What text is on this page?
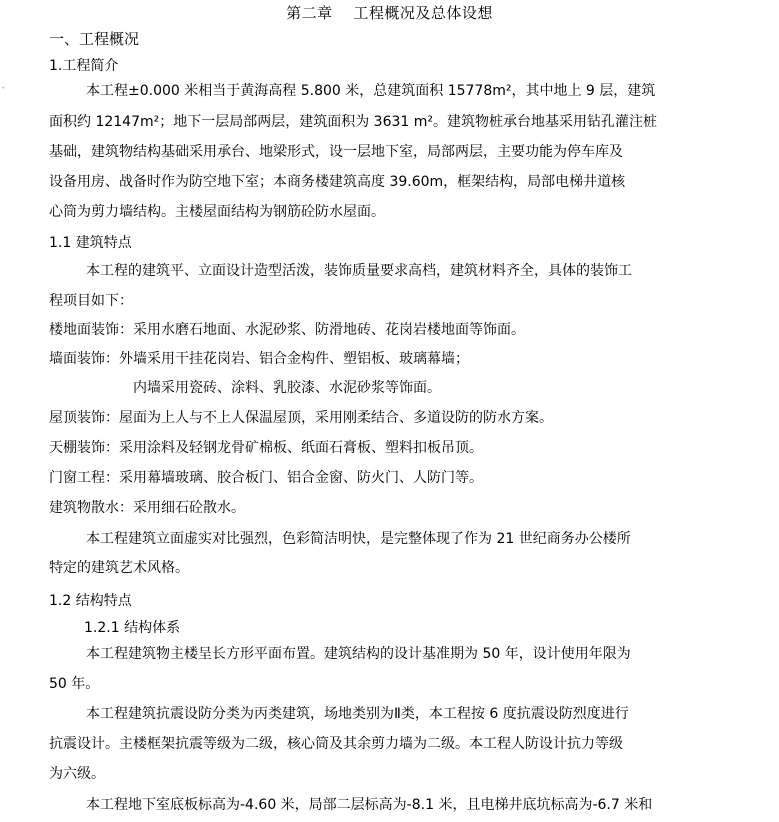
第二章　 工程概况及总体设想
一、工程概况
1.工程简介
ˇ	本工程±0.000 米相当于黄海高程 5.800 米，总建筑面积 15778m²，其中地上 9 层，建筑
面积约 12147m²；地下一层局部两层，建筑面积为 3631 m²。建筑物桩承台地基采用钻孔灌注桩
基础，建筑物结构基础采用承台、地梁形式，设一层地下室，局部两层，主要功能为停车库及
设备用房、战备时作为防空地下室；本商务楼建筑高度 39.60m，框架结构，局部电梯井道核
心筒为剪力墙结构。主楼屋面结构为钢筋砼防水屋面。
1.1 建筑特点
本工程的建筑平、立面设计造型活泼，装饰质量要求高档，建筑材料齐全，具体的装饰工
程项目如下：
楼地面装饰：采用水磨石地面、水泥砂浆、防滑地砖、花岗岩楼地面等饰面。
墙面装饰：外墙采用干挂花岗岩、铝合金构件、塑铝板、玻璃幕墙；
内墙采用瓷砖、涂料、乳胶漆、水泥砂浆等饰面。
屋顶装饰：屋面为上人与不上人保温屋顶，采用刚柔结合、多道设防的防水方案。
天棚装饰：采用涂料及轻钢龙骨矿棉板、纸面石膏板、塑料扣板吊顶。
门窗工程：采用幕墙玻璃、胶合板门、铝合金窗、防火门、人防门等。
建筑物散水：采用细石砼散水。
本工程建筑立面虚实对比强烈，色彩简洁明快，是完整体现了作为 21 世纪商务办公楼所
特定的建筑艺术风格。
1.2 结构特点
1.2.1 结构体系
本工程建筑物主楼呈长方形平面布置。建筑结构的设计基准期为 50 年，设计使用年限为
50 年。
本工程建筑抗震设防分类为丙类建筑，场地类别为Ⅱ类，本工程按 6 度抗震设防烈度进行
抗震设计。主楼框架抗震等级为二级，核心筒及其余剪力墙为二级。本工程人防设计抗力等级
为六级。
本工程地下室底板标高为-4.60 米，局部二层标高为-8.1 米，且电梯井底坑标高为-6.7 米和
